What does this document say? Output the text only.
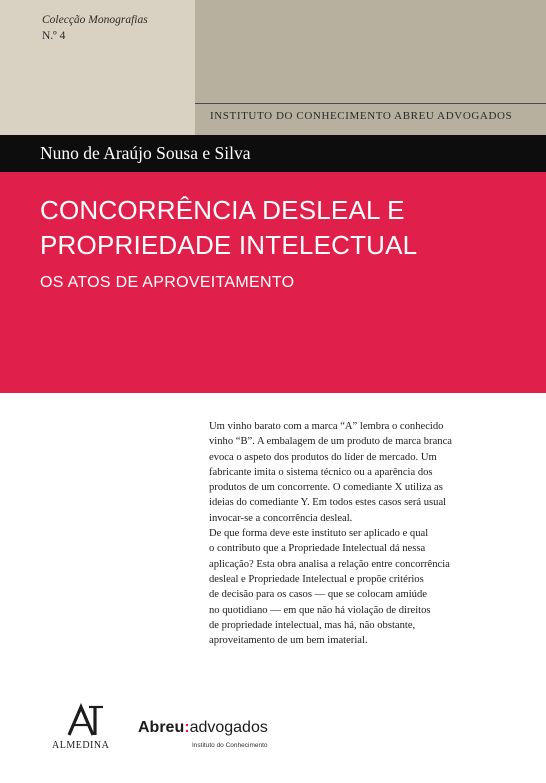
Colecção Monografias
N.º 4
INSTITUTO DO CONHECIMENTO ABREU ADVOGADOS
Nuno de Araújo Sousa e Silva
CONCORRÊNCIA DESLEAL E
PROPRIEDADE INTELECTUAL
OS ATOS DE APROVEITAMENTO

Um vinho barato com a marca “A” lembra o conhecido
vinho “B”. A embalagem de um produto de marca branca
evoca o aspeto dos produtos do líder de mercado. Um
fabricante imita o sistema técnico ou a aparência dos
produtos de um concorrente. O comediante X utiliza as
ideias do comediante Y. Em todos estes casos será usual
invocar-se a concorrência desleal.

De que forma deve este instituto ser aplicado e qual
o contributo que a Propriedade Intelectual dá nessa
aplicação? Esta obra analisa a relação entre concorrência
desleal e Propriedade Intelectual e propõe critérios
de decisão para os casos — que se colocam amiúde
no quotidiano — em que não há violação de direitos
de propriedade intelectual, mas há, não obstante,
aproveitamento de um bem imaterial.

ALMEDINA
Abreu:advogados
Instituto do Conhecimento
